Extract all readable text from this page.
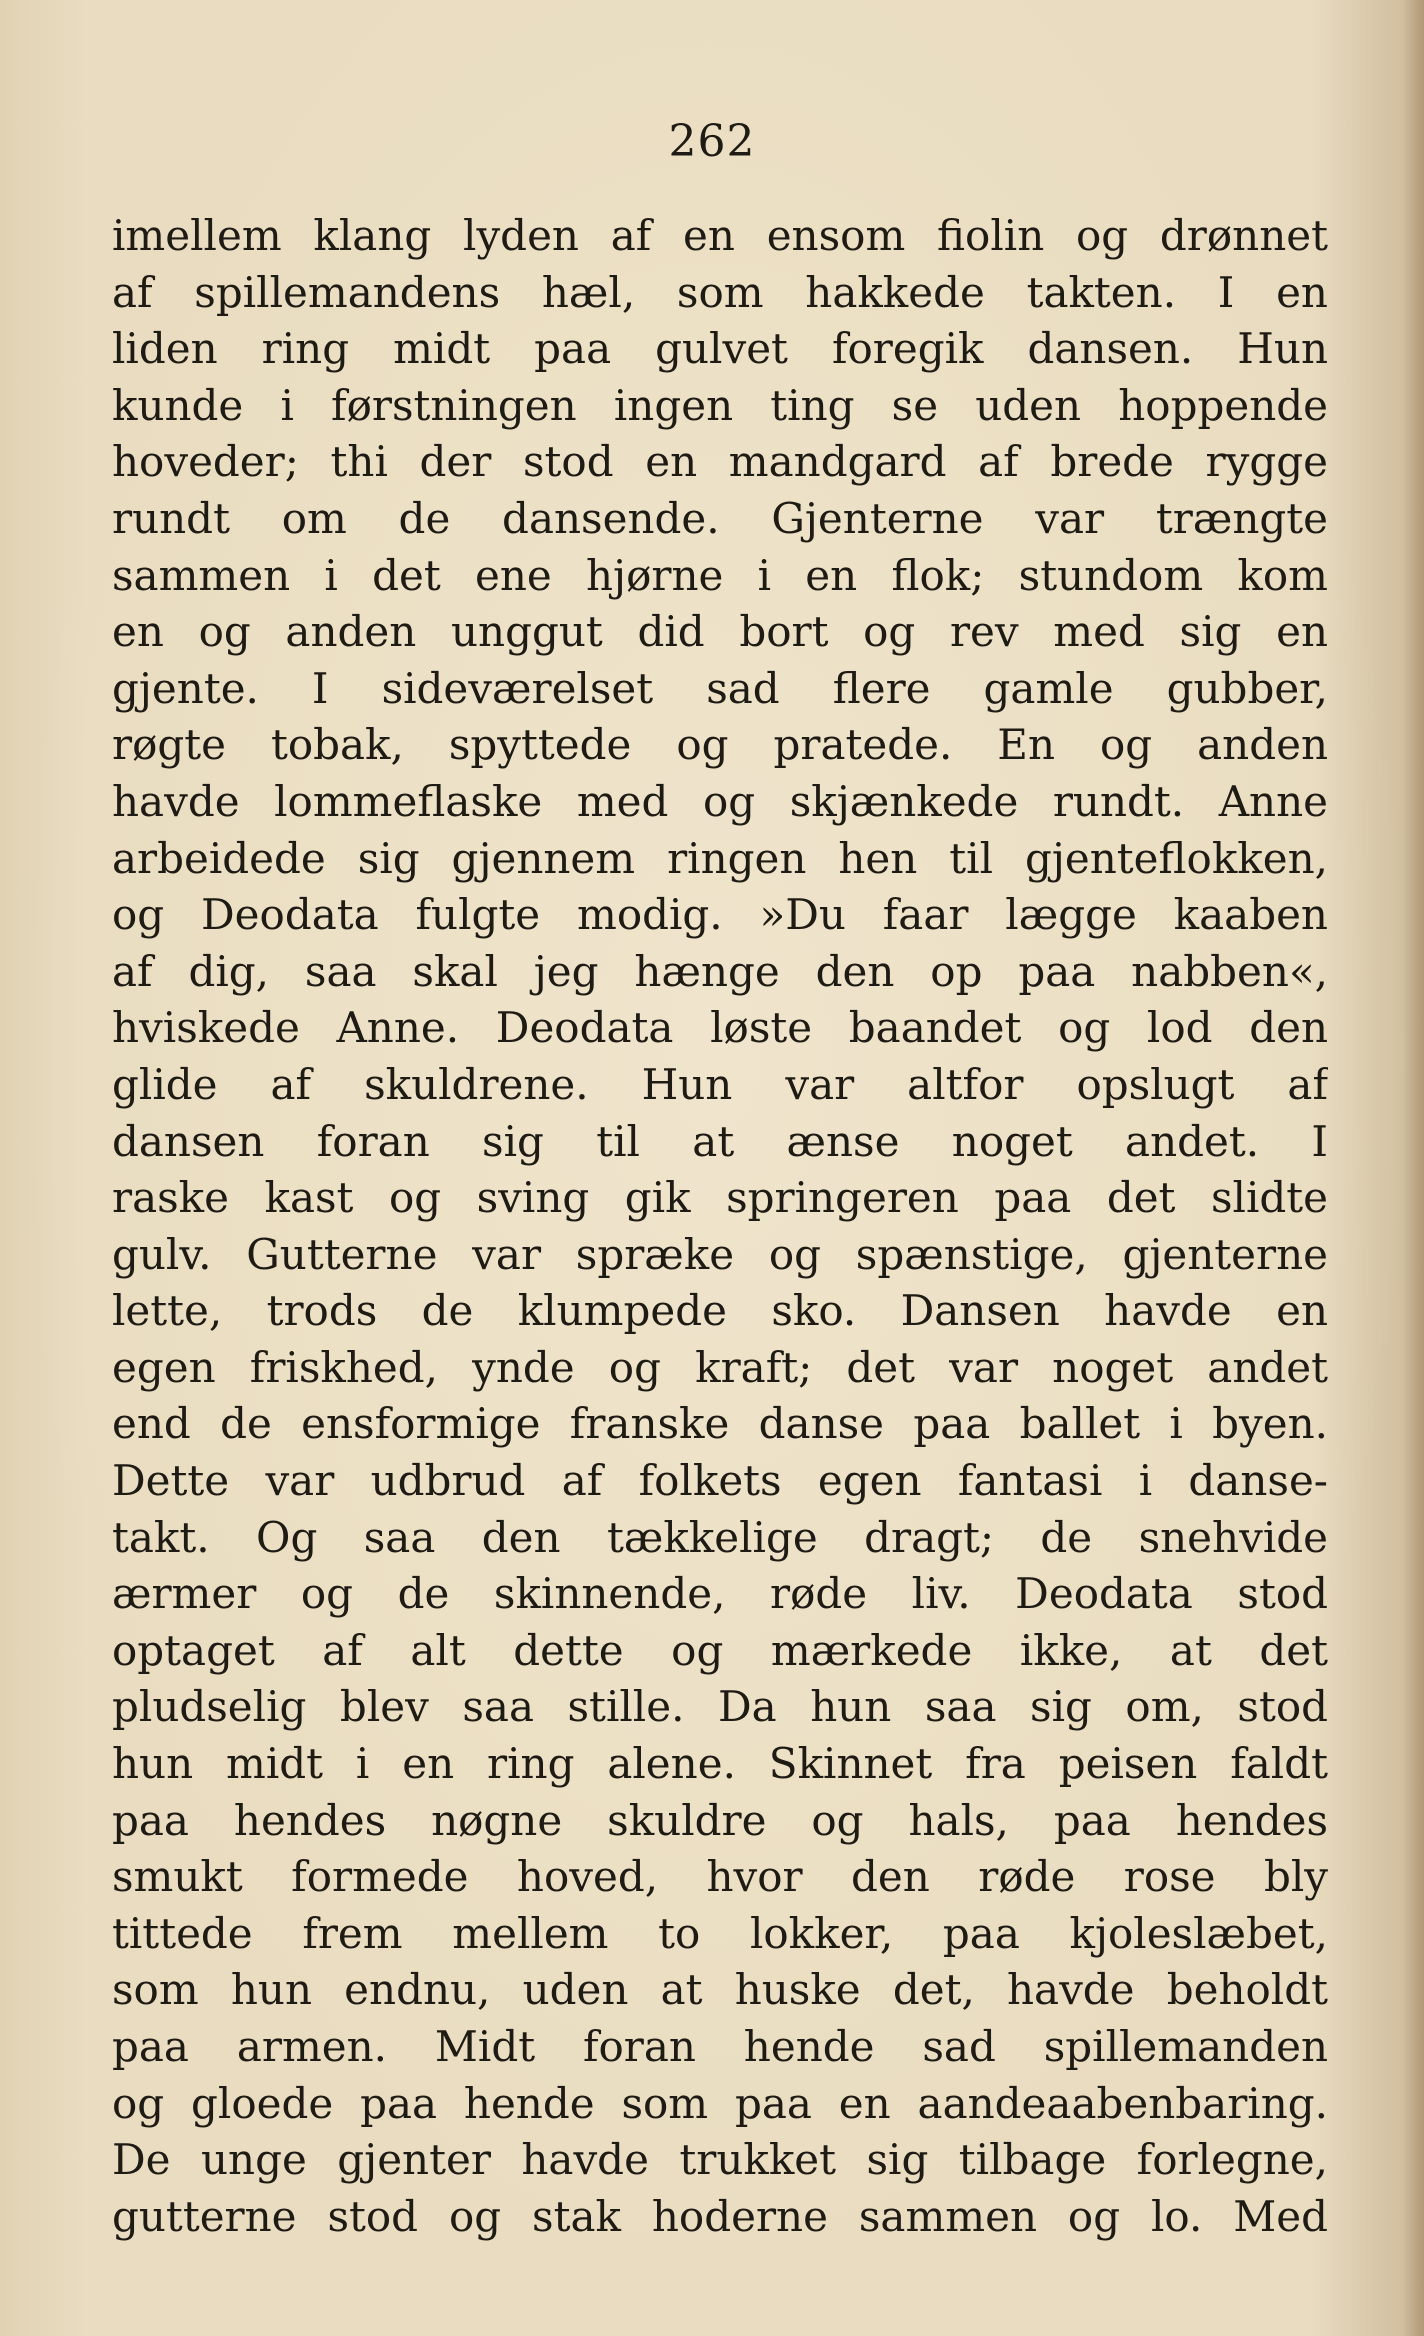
262
imellem klang lyden af en ensom fiolin og drønnet
af spillemandens hæl, som hakkede takten. I en
liden ring midt paa gulvet foregik dansen. Hun
kunde i førstningen ingen ting se uden hoppende
hoveder; thi der stod en mandgard af brede rygge
rundt om de dansende. Gjenterne var trængte
sammen i det ene hjørne i en flok; stundom kom
en og anden unggut did bort og rev med sig en
gjente. I sideværelset sad flere gamle gubber,
røgte tobak, spyttede og pratede. En og anden
havde lommeflaske med og skjænkede rundt. Anne
arbeidede sig gjennem ringen hen til gjenteflokken,
og Deodata fulgte modig. »Du faar lægge kaaben
af dig, saa skal jeg hænge den op paa nabben«,
hviskede Anne. Deodata løste baandet og lod den
glide af skuldrene. Hun var altfor opslugt af
dansen foran sig til at ænse noget andet. I
raske kast og sving gik springeren paa det slidte
gulv. Gutterne var spræke og spænstige, gjenterne
lette, trods de klumpede sko. Dansen havde en
egen friskhed, ynde og kraft; det var noget andet
end de ensformige franske danse paa ballet i byen.
Dette var udbrud af folkets egen fantasi i danse-
takt. Og saa den tækkelige dragt; de snehvide
ærmer og de skinnende, røde liv. Deodata stod
optaget af alt dette og mærkede ikke, at det
pludselig blev saa stille. Da hun saa sig om, stod
hun midt i en ring alene. Skinnet fra peisen faldt
paa hendes nøgne skuldre og hals, paa hendes
smukt formede hoved, hvor den røde rose bly
tittede frem mellem to lokker, paa kjoleslæbet,
som hun endnu, uden at huske det, havde beholdt
paa armen. Midt foran hende sad spillemanden
og gloede paa hende som paa en aandeaabenbaring.
De unge gjenter havde trukket sig tilbage forlegne,
gutterne stod og stak hoderne sammen og lo. Med
